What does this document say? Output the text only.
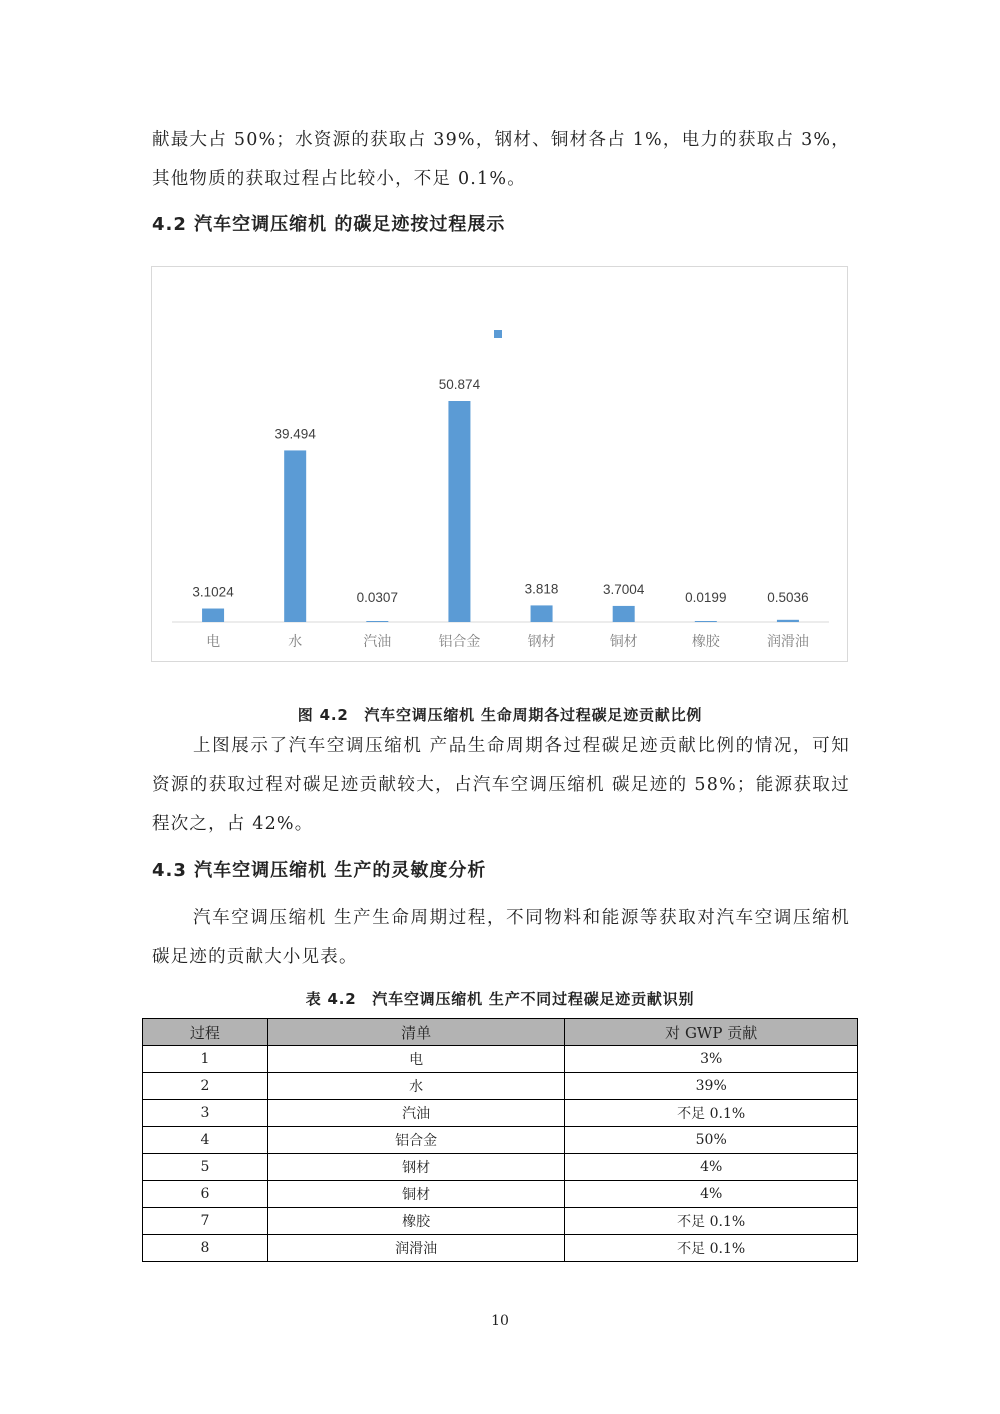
献最大占 50%；水资源的获取占 39%，钢材、铜材各占 1%，电力的获取占 3%，其他物质的获取过程占比较小，不足 0.1%。

4.2 汽车空调压缩机 的碳足迹按过程展示

3.1024
39.494
0.0307
50.874
3.818	3.7004
0.0199	0.5036
电	水	汽油	铝合金	钢材	铜材	橡胶	润滑油

图 4.2　汽车空调压缩机 生命周期各过程碳足迹贡献比例

上图展示了汽车空调压缩机 产品生命周期各过程碳足迹贡献比例的情况，可知资源的获取过程对碳足迹贡献较大，占汽车空调压缩机 碳足迹的 58%；能源获取过程次之，占 42%。

4.3 汽车空调压缩机 生产的灵敏度分析

汽车空调压缩机 生产生命周期过程，不同物料和能源等获取对汽车空调压缩机 碳足迹的贡献大小见表。

表 4.2　汽车空调压缩机 生产不同过程碳足迹贡献识别

过程	清单	对 GWP 贡献
1	电	3%
2	水	39%
3	汽油	不足 0.1%
4	铝合金	50%
5	钢材	4%
6	铜材	4%
7	橡胶	不足 0.1%
8	润滑油	不足 0.1%
10
